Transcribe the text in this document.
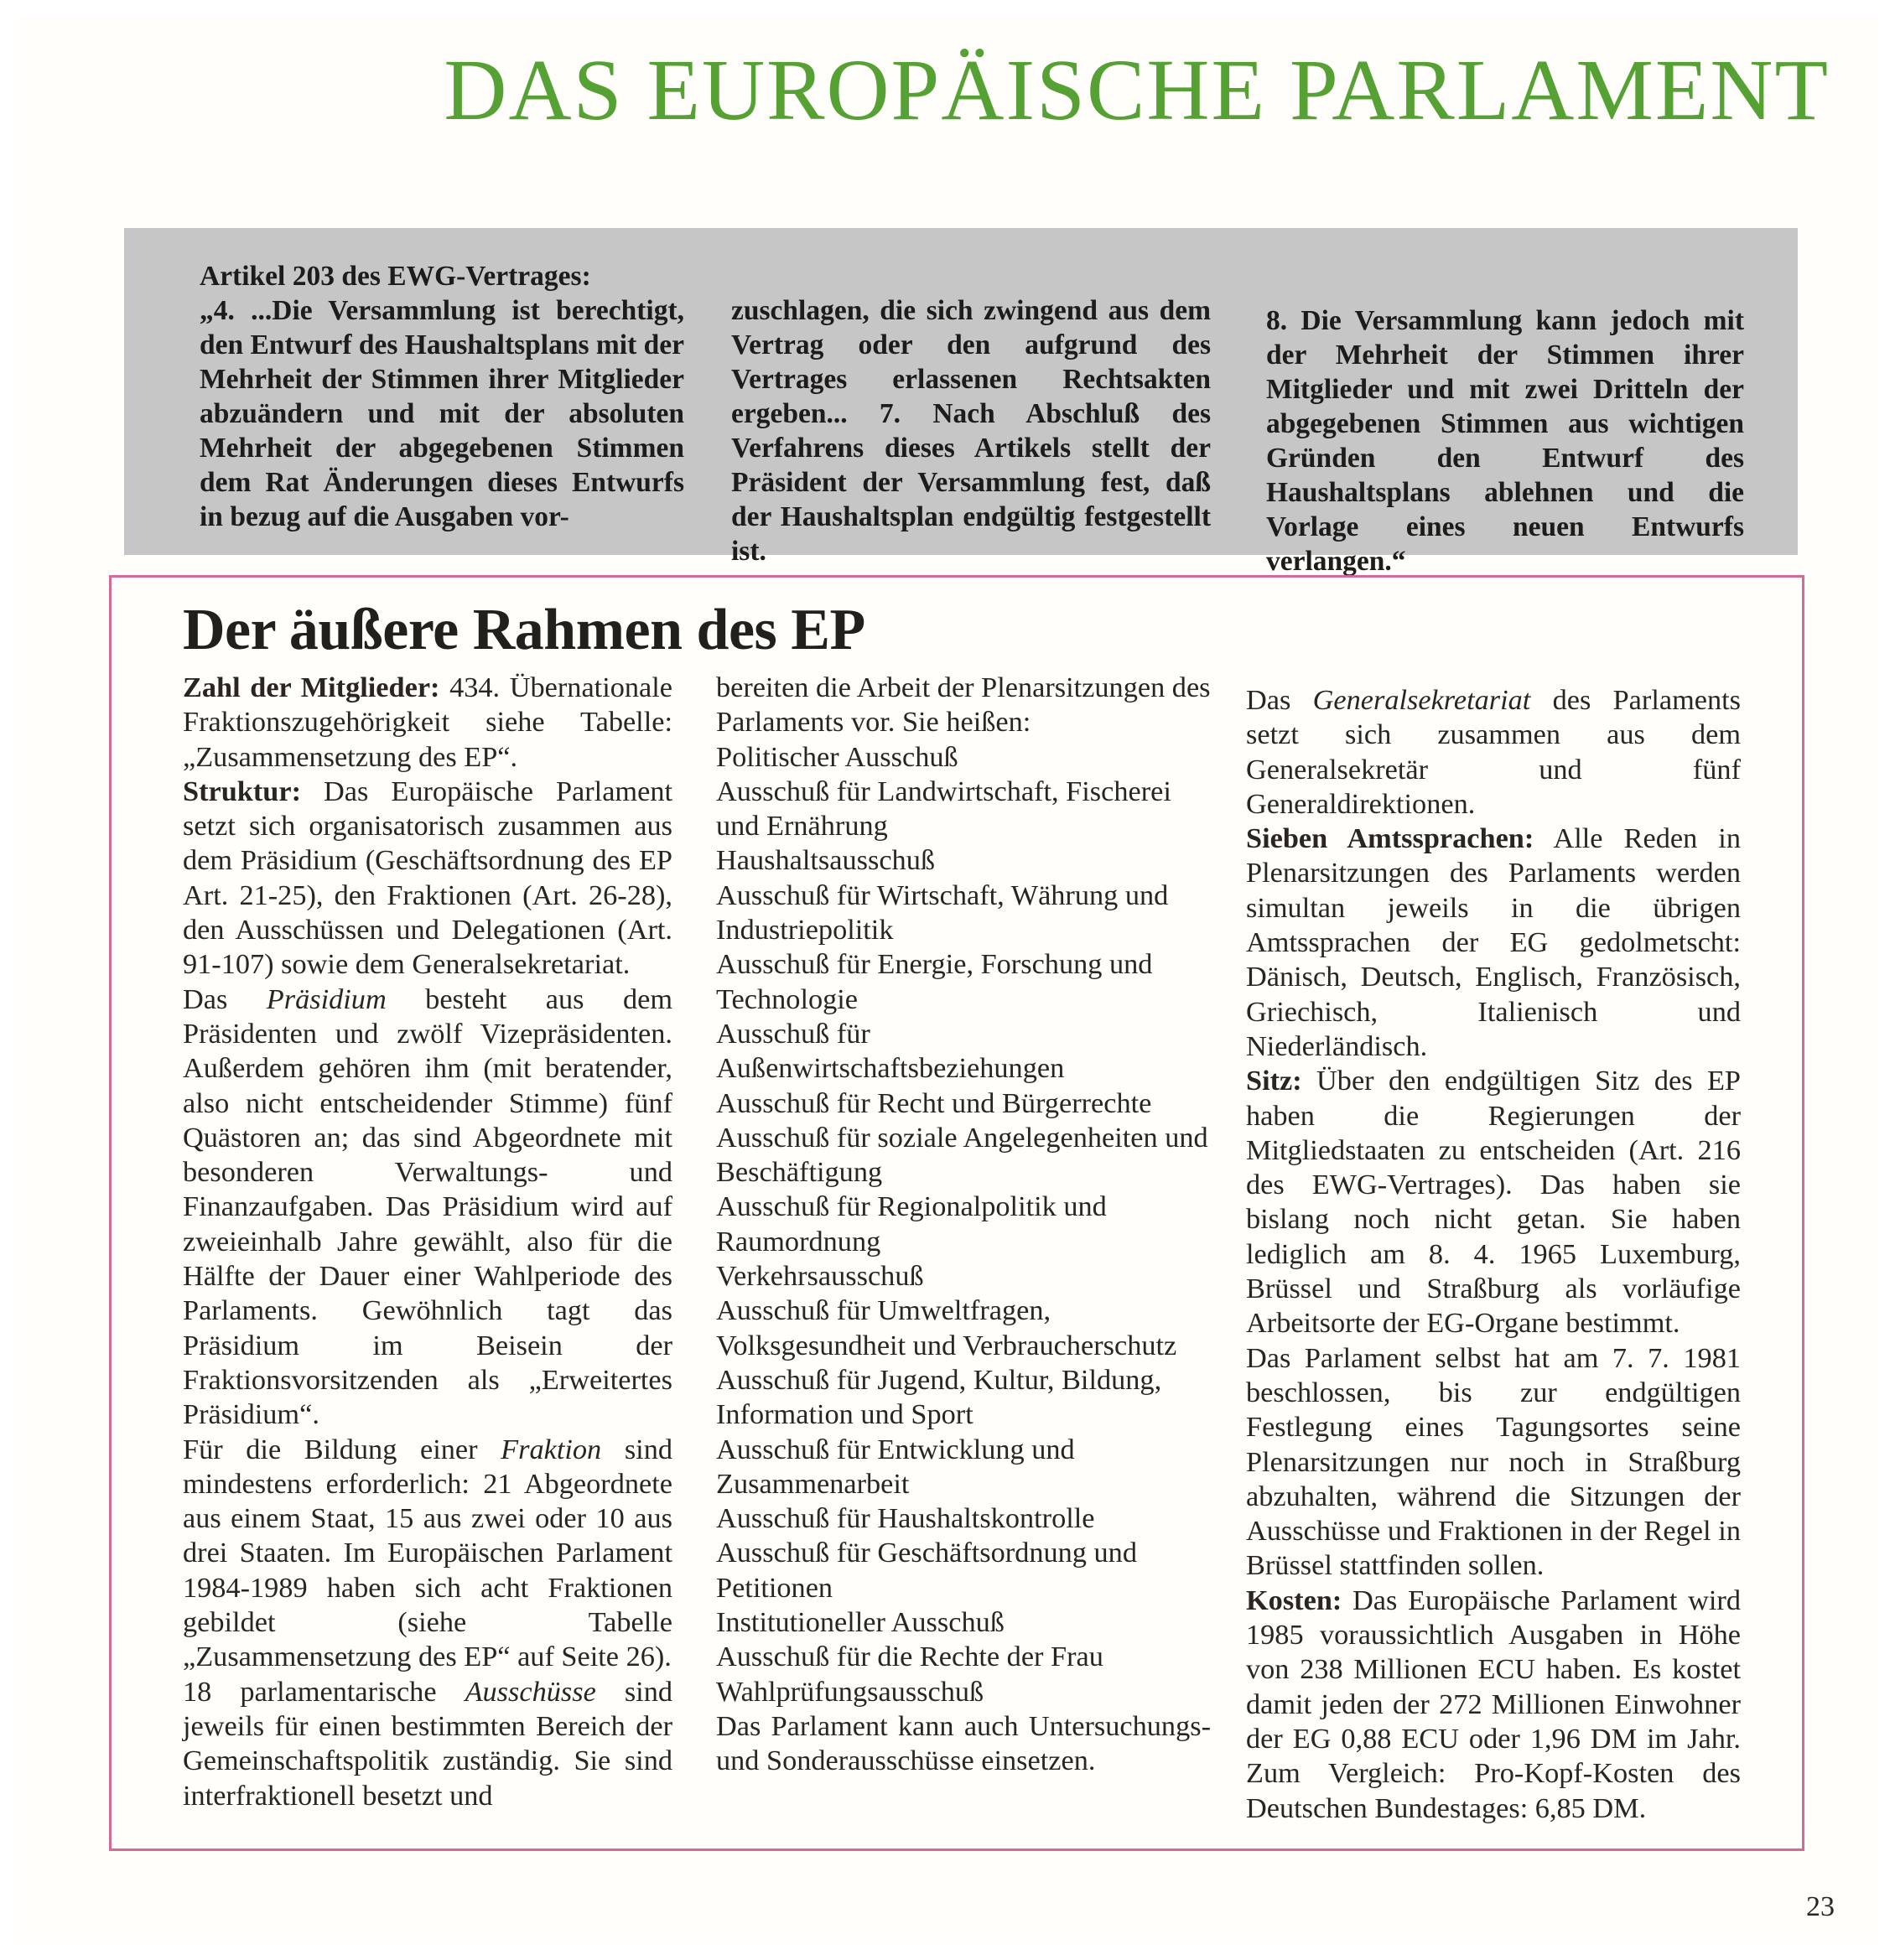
DAS EUROPÄISCHE PARLAMENT

Artikel 203 des EWG-Vertrages:

„4. ...Die Versammlung ist berechtigt, den Entwurf des Haushaltsplans mit der Mehrheit der Stimmen ihrer Mitglieder abzuändern und mit der absoluten Mehrheit der abgegebenen Stimmen dem Rat Änderungen dieses Entwurfs in bezug auf die Ausgaben vor-

zuschlagen, die sich zwingend aus dem Vertrag oder den aufgrund des Vertrages erlassenen Rechtsakten ergeben... 7. Nach Abschluß des Verfahrens dieses Artikels stellt der Präsident der Versammlung fest, daß der Haushaltsplan endgültig festgestellt ist.

8. Die Versammlung kann jedoch mit der Mehrheit der Stimmen ihrer Mitglieder und mit zwei Dritteln der abgegebenen Stimmen aus wichtigen Gründen den Entwurf des Haushaltsplans ablehnen und die Vorlage eines neuen Entwurfs verlangen.“

Der äußere Rahmen des EP

Zahl der Mitglieder: 434. Übernationale Fraktionszugehörigkeit siehe Tabelle: „Zusammensetzung des EP“.

Struktur: Das Europäische Parlament setzt sich organisatorisch zusammen aus dem Präsidium (Geschäftsordnung des EP Art. 21-25), den Fraktionen (Art. 26-28), den Ausschüssen und Delegationen (Art. 91-107) sowie dem Generalsekretariat.

Das Präsidium besteht aus dem Präsidenten und zwölf Vizepräsidenten. Außerdem gehören ihm (mit beratender, also nicht entscheidender Stimme) fünf Quästoren an; das sind Abgeordnete mit besonderen Verwaltungs- und Finanzaufgaben. Das Präsidium wird auf zweieinhalb Jahre gewählt, also für die Hälfte der Dauer einer Wahlperiode des Parlaments. Gewöhnlich tagt das Präsidium im Beisein der Fraktionsvorsitzenden als „Erweitertes Präsidium“.

Für die Bildung einer Fraktion sind mindestens erforderlich: 21 Abgeordnete aus einem Staat, 15 aus zwei oder 10 aus drei Staaten. Im Europäischen Parlament 1984-1989 haben sich acht Fraktionen gebildet (siehe Tabelle „Zusammensetzung des EP“ auf Seite 26).

18 parlamentarische Ausschüsse sind jeweils für einen bestimmten Bereich der Gemeinschaftspolitik zuständig. Sie sind interfraktionell besetzt und

bereiten die Arbeit der Plenarsitzungen des Parlaments vor. Sie heißen:

Politischer Ausschuß

Ausschuß für Landwirtschaft, Fischerei und Ernährung

Haushaltsausschuß

Ausschuß für Wirtschaft, Währung und Industriepolitik

Ausschuß für Energie, Forschung und Technologie

Ausschuß für Außenwirtschaftsbeziehungen

Ausschuß für Recht und Bürgerrechte

Ausschuß für soziale Angelegenheiten und Beschäftigung

Ausschuß für Regionalpolitik und Raumordnung

Verkehrsausschuß

Ausschuß für Umweltfragen, Volksgesundheit und Verbraucherschutz

Ausschuß für Jugend, Kultur, Bildung, Information und Sport

Ausschuß für Entwicklung und Zusammenarbeit

Ausschuß für Haushaltskontrolle

Ausschuß für Geschäftsordnung und Petitionen

Institutioneller Ausschuß

Ausschuß für die Rechte der Frau

Wahlprüfungsausschuß

Das Parlament kann auch Untersuchungs- und Sonderausschüsse einsetzen.

Das Generalsekretariat des Parlaments setzt sich zusammen aus dem Generalsekretär und fünf Generaldirektionen.

Sieben Amtssprachen: Alle Reden in Plenarsitzungen des Parlaments werden simultan jeweils in die übrigen Amtssprachen der EG gedolmetscht: Dänisch, Deutsch, Englisch, Französisch, Griechisch, Italienisch und Niederländisch.

Sitz: Über den endgültigen Sitz des EP haben die Regierungen der Mitgliedstaaten zu entscheiden (Art. 216 des EWG-Vertrages). Das haben sie bislang noch nicht getan. Sie haben lediglich am 8. 4. 1965 Luxemburg, Brüssel und Straßburg als vorläufige Arbeitsorte der EG-Organe bestimmt.

Das Parlament selbst hat am 7. 7. 1981 beschlossen, bis zur endgültigen Festlegung eines Tagungsortes seine Plenarsitzungen nur noch in Straßburg abzuhalten, während die Sitzungen der Ausschüsse und Fraktionen in der Regel in Brüssel stattfinden sollen.

Kosten: Das Europäische Parlament wird 1985 voraussichtlich Ausgaben in Höhe von 238 Millionen ECU haben. Es kostet damit jeden der 272 Millionen Einwohner der EG 0,88 ECU oder 1,96 DM im Jahr. Zum Vergleich: Pro-Kopf-Kosten des Deutschen Bundestages: 6,85 DM.

23
